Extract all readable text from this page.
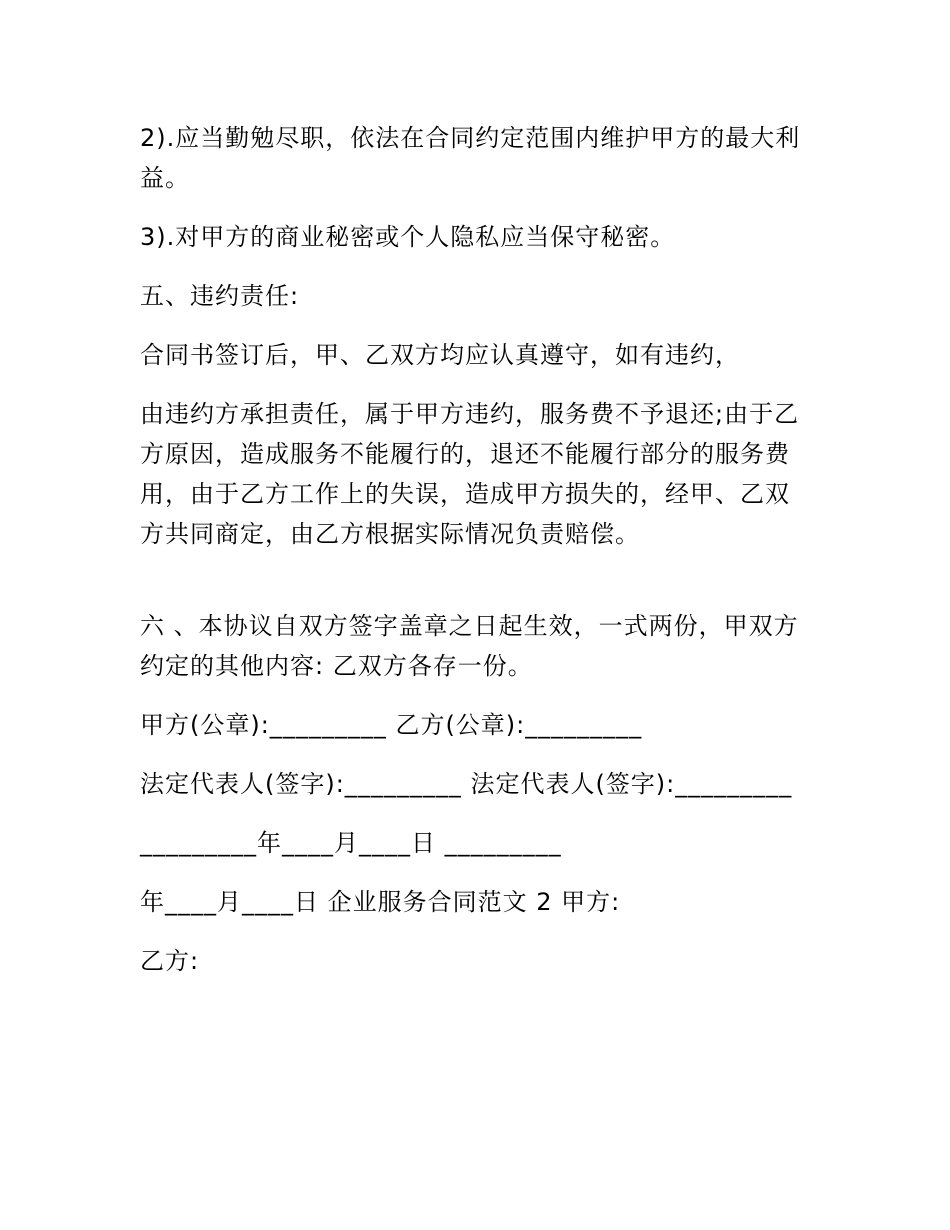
2).应当勤勉尽职，依法在合同约定范围内维护甲方的最大利益。

3).对甲方的商业秘密或个人隐私应当保守秘密。

五、违约责任:

合同书签订后，甲、乙双方均应认真遵守，如有违约，

由违约方承担责任，属于甲方违约，服务费不予退还;由于乙方原因，造成服务不能履行的，退还不能履行部分的服务费用，由于乙方工作上的失误，造成甲方损失的，经甲、乙双方共同商定，由乙方根据实际情况负责赔偿。

六 、本协议自双方签字盖章之日起生效，一式两份，甲双方约定的其他内容: 乙双方各存一份。

甲方(公章):_________ 乙方(公章):_________

法定代表人(签字):_________ 法定代表人(签字):_________

_________年____月____日 _________

年____月____日 企业服务合同范文 2 甲方:

乙方:
